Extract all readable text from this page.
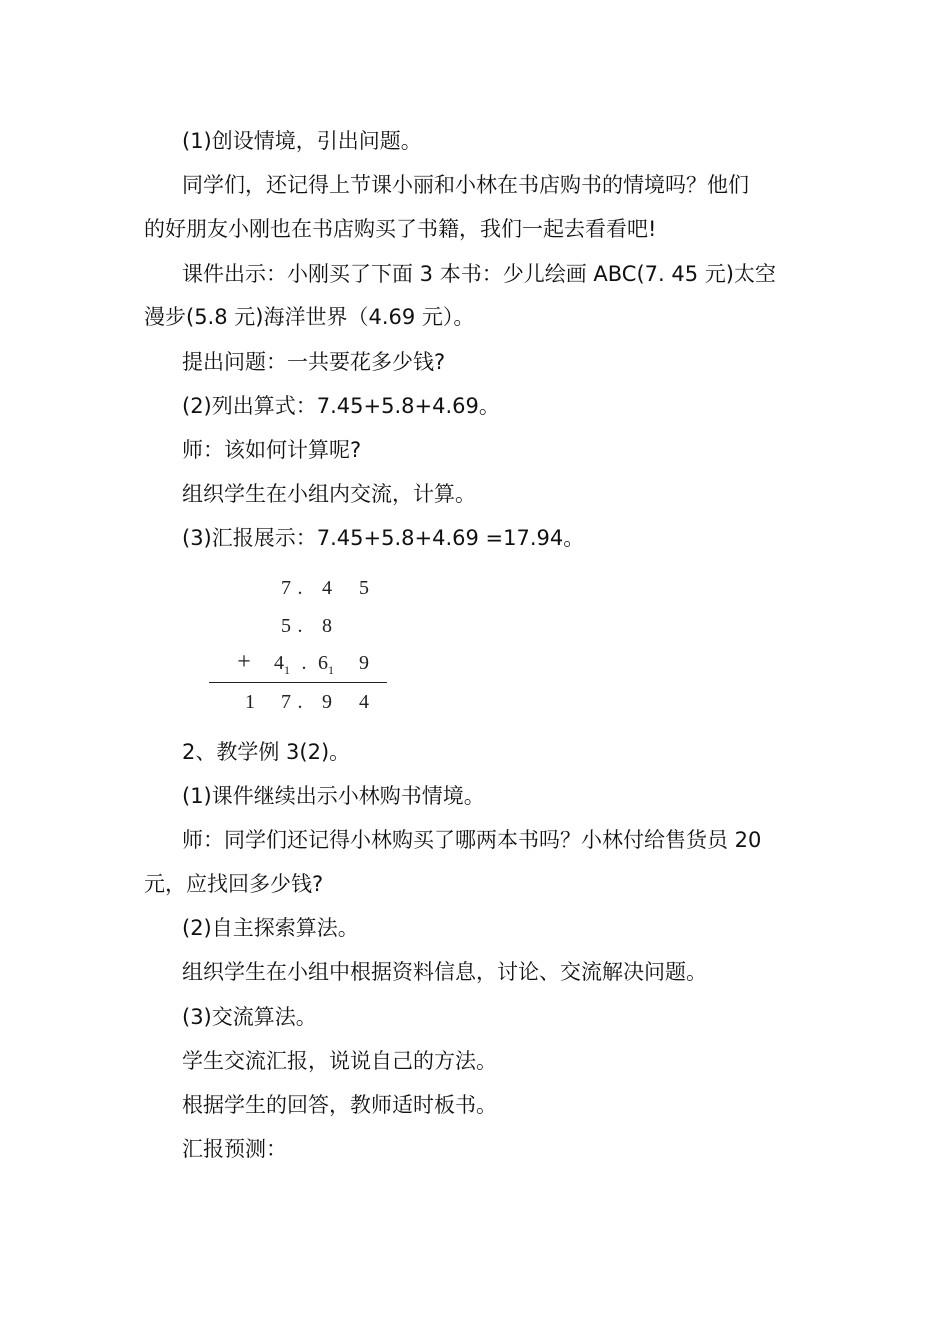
(1)创设情境，引出问题。
同学们，还记得上节课小丽和小林在书店购书的情境吗？他们
的好朋友小刚也在书店购买了书籍，我们一起去看看吧!
课件出示：小刚买了下面 3 本书：少儿绘画 ABC(7. 45 元)太空
漫步(5.8 元)海洋世界（4.69 元）。
提出问题：一共要花多少钱?
(2)列出算式：7.45+5.8+4.69。
师：该如何计算呢?
组织学生在小组内交流，计算。
(3)汇报展示：7.45+5.8+4.69 =17.94。
7 . 4	5
5 . 8
+	$4_1$ . $6_1$	9
1	7 . 9	4
2、教学例 3(2)。
(1)课件继续出示小林购书情境。
师：同学们还记得小林购买了哪两本书吗？小林付给售货员 20
元，应找回多少钱?
(2)自主探索算法。
组织学生在小组中根据资料信息，讨论、交流解决问题。
(3)交流算法。
学生交流汇报，说说自己的方法。
根据学生的回答，教师适时板书。
汇报预测：
